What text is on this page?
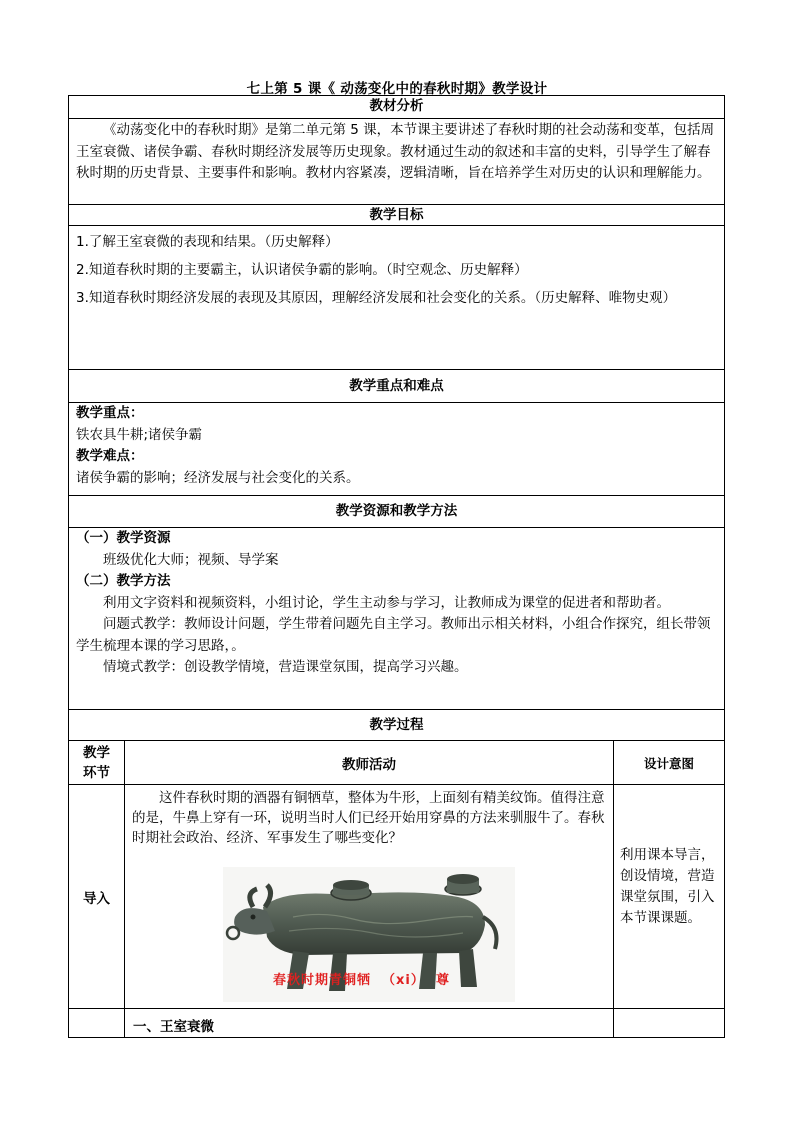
七上第 5 课《 动荡变化中的春秋时期》教学设计
教材分析
《动荡变化中的春秋时期》是第二单元第 5 课，本节课主要讲述了春秋时期的社会动荡和变革，包括周王室衰微、诸侯争霸、春秋时期经济发展等历史现象。教材通过生动的叙述和丰富的史料，引导学生了解春秋时期的历史背景、主要事件和影响。教材内容紧凑，逻辑清晰，旨在培养学生对历史的认识和理解能力。
教学目标
1.了解王室衰微的表现和结果。（历史解释）
2.知道春秋时期的主要霸主，认识诸侯争霸的影响。（时空观念、历史解释）
3.知道春秋时期经济发展的表现及其原因，理解经济发展和社会变化的关系。（历史解释、唯物史观）
教学重点和难点
教学重点：
铁农具牛耕;诸侯争霸
教学难点：
诸侯争霸的影响；经济发展与社会变化的关系。
教学资源和教学方法
（一）教学资源
班级优化大师；视频、导学案
（二）教学方法
利用文字资料和视频资料，小组讨论，学生主动参与学习，让教师成为课堂的促进者和帮助者。
问题式教学：教师设计问题，学生带着问题先自主学习。教师出示相关材料，小组合作探究，组长带领学生梳理本课的学习思路，。
情境式教学：创设教学情境，营造课堂氛围，提高学习兴趣。
教学过程
教学环节	教师活动	设计意图
导入
这件春秋时期的酒器有铜牺草，整体为牛形，上面刻有精美纹饰。值得注意的是，牛鼻上穿有一环，说明当时人们已经开始用穿鼻的方法来驯服牛了。春秋时期社会政治、经济、军事发生了哪些变化？
春秋时期青铜牺  （xi）  尊
利用课本导言，创设情境，营造课堂氛围，引入本节课课题。
一、王室衰微
